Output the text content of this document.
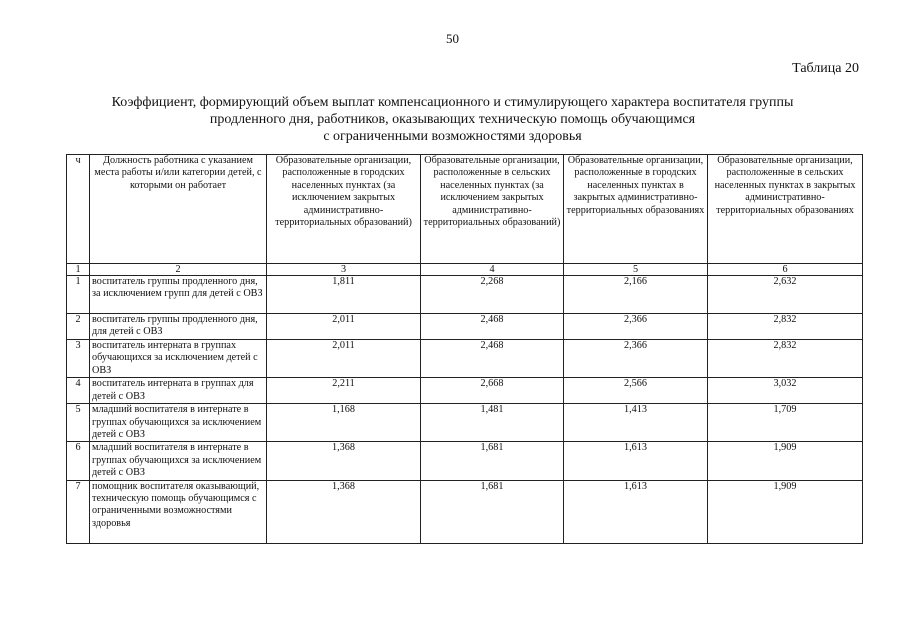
50
Таблица 20
Коэффициент, формирующий объем выплат компенсационного и стимулирующего характера воспитателя группы
продленного дня, работников, оказывающих техническую помощь обучающимся
с ограниченными возможностями здоровья
ч	Должность работника с указанием места работы и/или категории детей, с которыми он работает	Образовательные организации, расположенные в городских населенных пунктах (за исключением закрытых административно-территориальных образований)	Образовательные организации, расположенные в сельских населенных пунктах (за исключением закрытых административно-территориальных образований)	Образовательные организации, расположенные в городских населенных пунктах в закрытых административно-территориальных образованиях	Образовательные организации, расположенные в сельских населенных пунктах в закрытых административно-территориальных образованиях
1	2	3	4	5	6
1	воспитатель группы продленного дня, за исключением групп для детей с ОВЗ	1,811	2,268	2,166	2,632
2	воспитатель группы продленного дня, для детей с ОВЗ	2,011	2,468	2,366	2,832
3	воспитатель интерната в группах обучающихся за исключением детей с ОВЗ	2,011	2,468	2,366	2,832
4	воспитатель интерната в группах для детей с ОВЗ	2,211	2,668	2,566	3,032
5	младший воспитателя в интернате в группах обучающихся за исключением детей с ОВЗ	1,168	1,481	1,413	1,709
6	младший воспитателя в интернате в группах обучающихся за исключением детей с ОВЗ	1,368	1,681	1,613	1,909
7	помощник воспитателя оказывающий, техническую помощь обучающимся с ограниченными возможностями здоровья	1,368	1,681	1,613	1,909
